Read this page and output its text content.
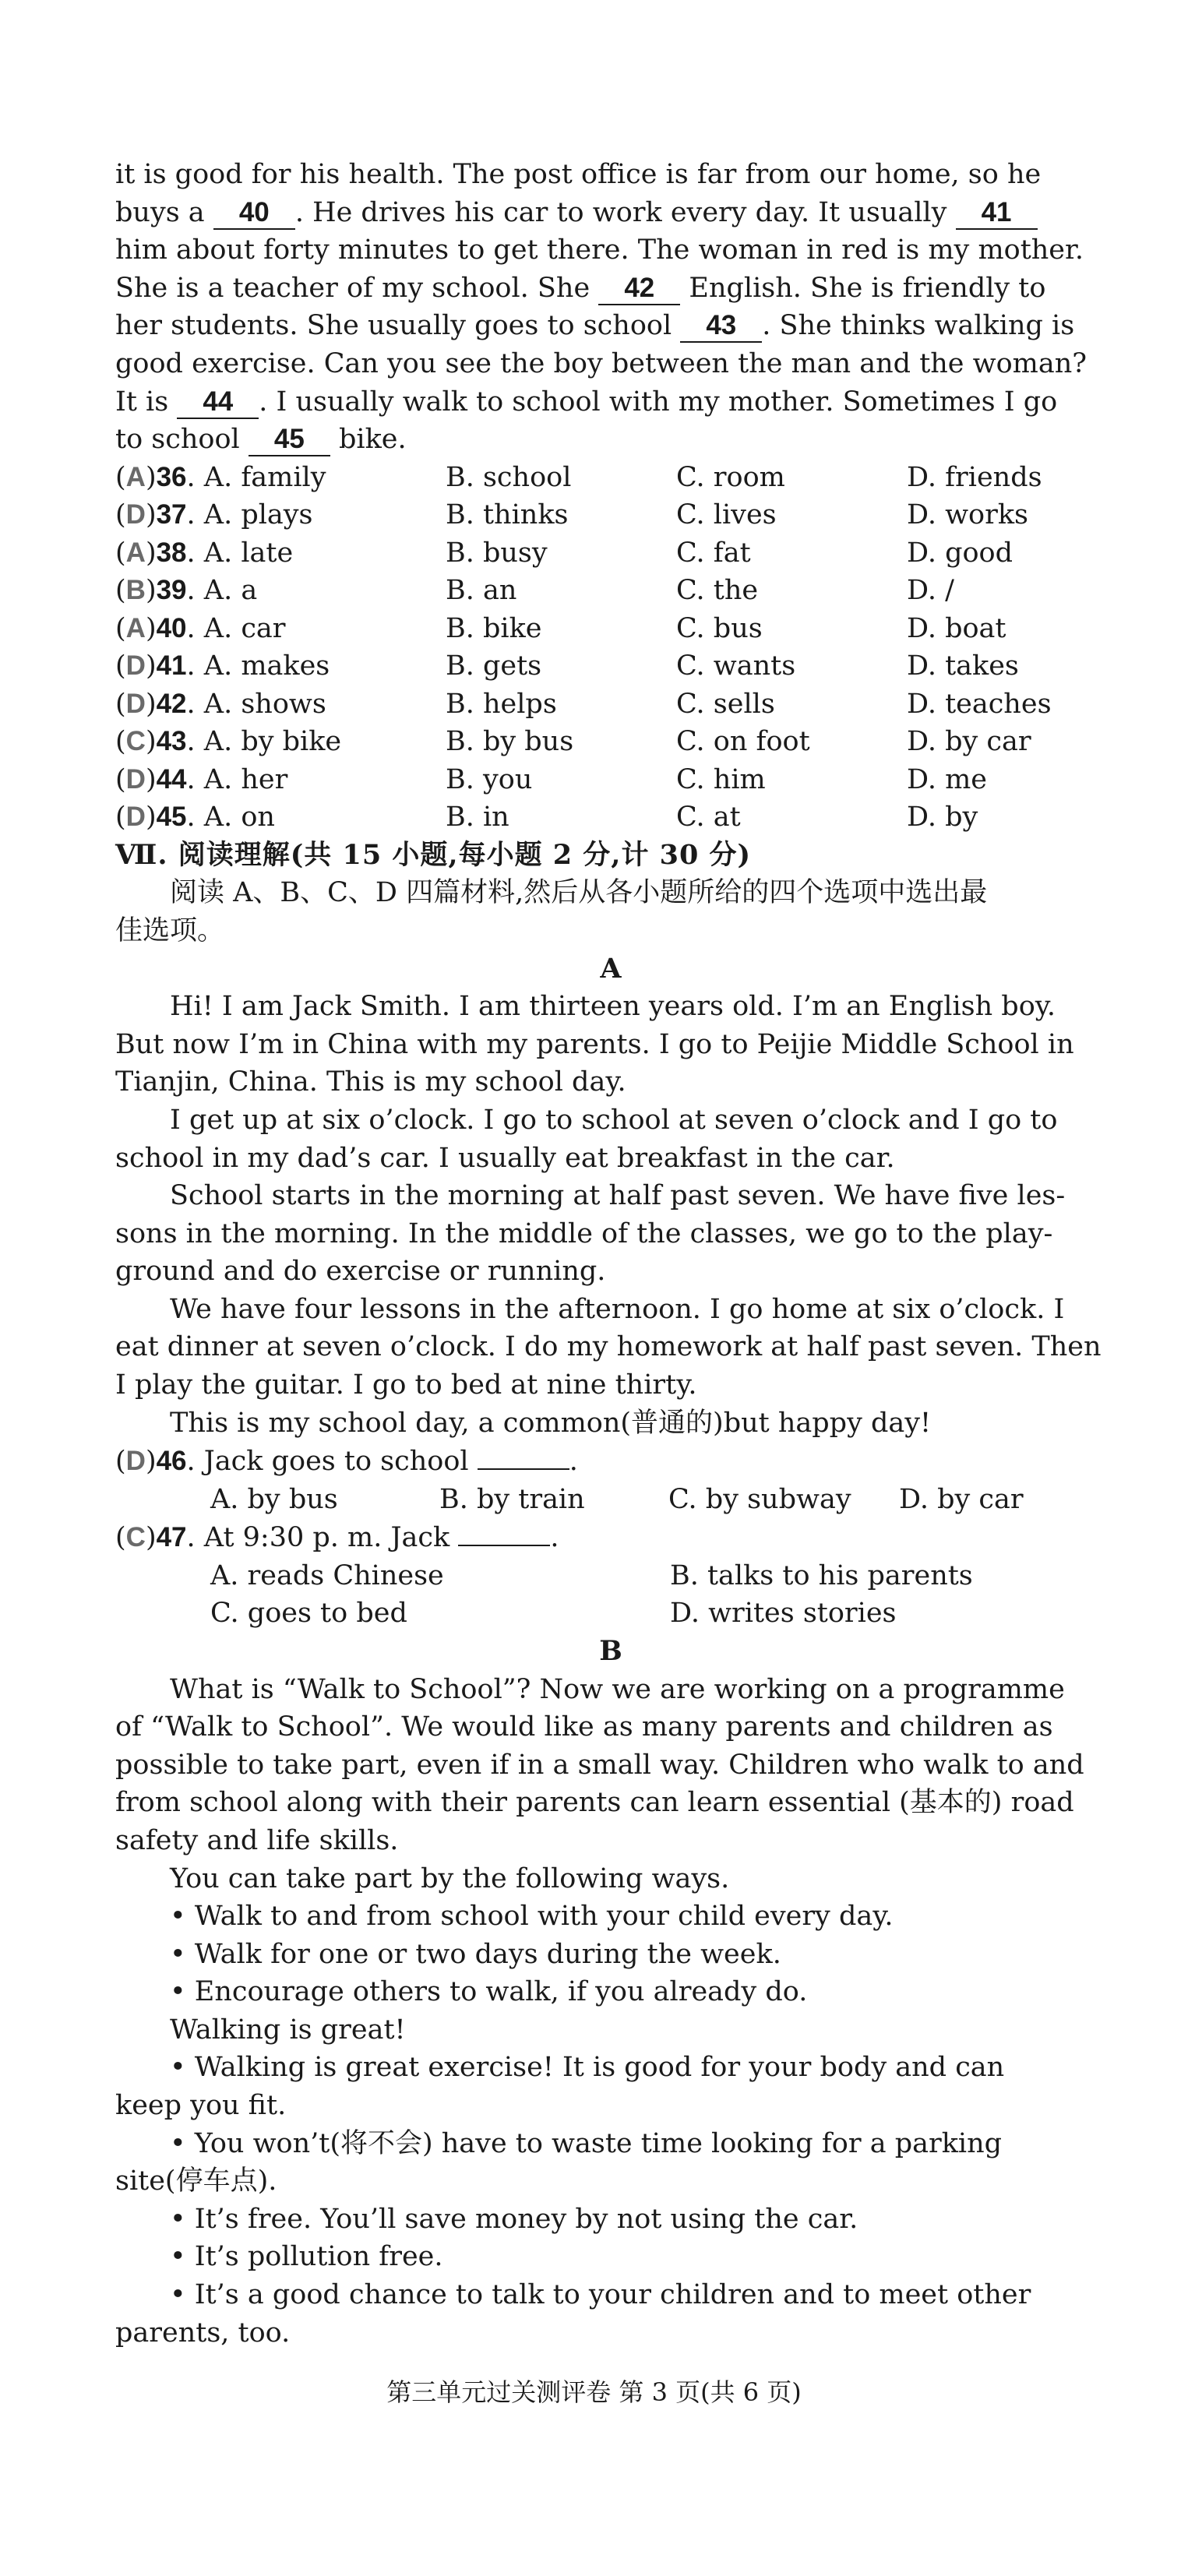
it is good for his health. The post office is far from our home, so he

buys a 40 . He drives his car to work every day. It usually 41

him about forty minutes to get there. The woman in red is my mother.

She is a teacher of my school. She 42 English. She is friendly to

her students. She usually goes to school 43 . She thinks walking is

good exercise. Can you see the boy between the man and the woman?

It is 44 . I usually walk to school with my mother. Sometimes I go

to school 45 bike.

(A)36. A. family	B. school	C. room	D. friends
(D)37. A. plays	B. thinks	C. lives	D. works
(A)38. A. late	B. busy	C. fat	D. good
(B)39. A. a	B. an	C. the	D. /
(A)40. A. car	B. bike	C. bus	D. boat
(D)41. A. makes	B. gets	C. wants	D. takes
(D)42. A. shows	B. helps	C. sells	D. teaches
(C)43. A. by bike	B. by bus	C. on foot	D. by car
(D)44. A. her	B. you	C. him	D. me
(D)45. A. on	B. in	C. at	D. by

Ⅶ. 阅读理解(共 15 小题,每小题 2 分,计 30 分)

阅读 A、B、C、D 四篇材料,然后从各小题所给的四个选项中选出最

佳选项。

A

Hi! I am Jack Smith. I am thirteen years old. I’m an English boy.

But now I’m in China with my parents. I go to Peijie Middle School in

Tianjin, China. This is my school day.

I get up at six o’clock. I go to school at seven o’clock and I go to

school in my dad’s car. I usually eat breakfast in the car.

School starts in the morning at half past seven. We have five les-

sons in the morning. In the middle of the classes, we go to the play-

ground and do exercise or running.

We have four lessons in the afternoon. I go home at six o’clock. I

eat dinner at seven o’clock. I do my homework at half past seven. Then

I play the guitar. I go to bed at nine thirty.

This is my school day, a common(普通的)but happy day!

(D)46. Jack goes to school	.

A. by bus	B. by train	C. by subway	D. by car

(C)47. At 9:30 p. m. Jack	.

A. reads Chinese	B. talks to his parents
C. goes to bed	D. writes stories

B

What is “Walk to School”? Now we are working on a programme

of “Walk to School”. We would like as many parents and children as

possible to take part, even if in a small way. Children who walk to and

from school along with their parents can learn essential (基本的) road

safety and life skills.

You can take part by the following ways.

• Walk to and from school with your child every day.

• Walk for one or two days during the week.

• Encourage others to walk, if you already do.

Walking is great!

• Walking is great exercise! It is good for your body and can

keep you fit.

• You won’t(将不会) have to waste time looking for a parking

site(停车点).

• It’s free. You’ll save money by not using the car.

• It’s pollution free.

• It’s a good chance to talk to your children and to meet other

parents, too.

第三单元过关测评卷 第 3 页(共 6 页)
